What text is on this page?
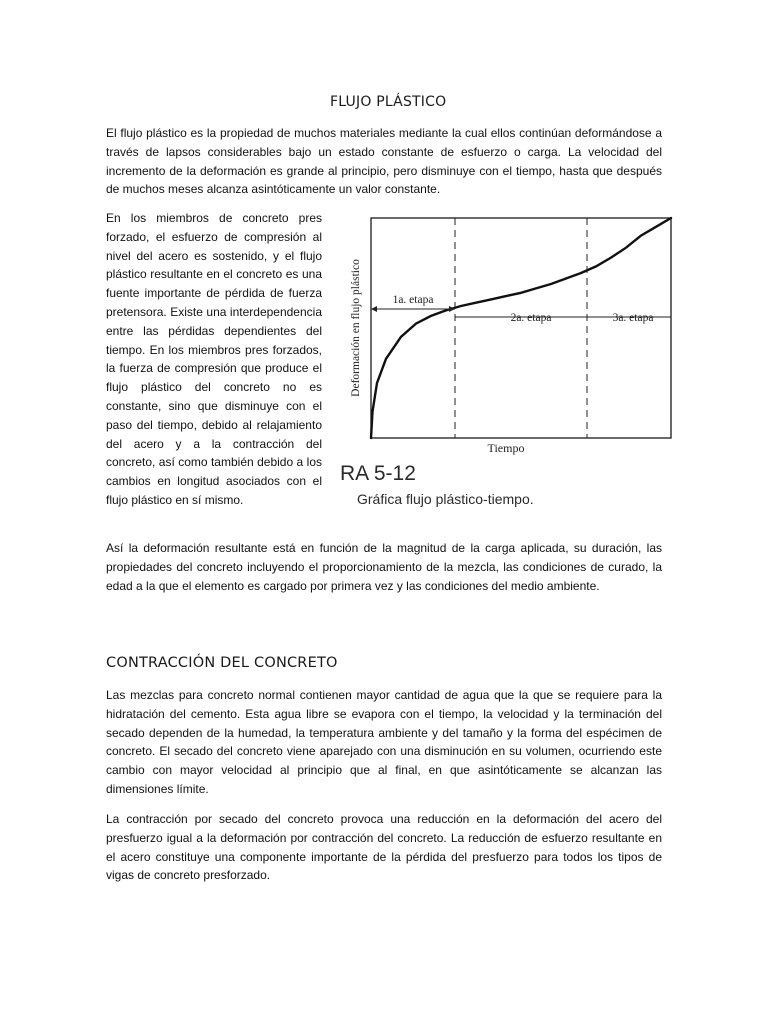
FLUJO PLÁSTICO

El flujo plástico es la propiedad de muchos materiales mediante la cual ellos continúan deformándose a través de lapsos considerables bajo un estado constante de esfuerzo o carga. La velocidad del incremento de la deformación es grande al principio, pero disminuye con el tiempo, hasta que después de muchos meses alcanza asintóticamente un valor constante.

En los miembros de concreto pres forzado, el esfuerzo de compresión al nivel del acero es sostenido, y el flujo plástico resultante en el concreto es una fuente importante de pérdida de fuerza pretensora. Existe una interdependencia entre las pérdidas dependientes del tiempo. En los miembros pres forzados, la fuerza de compresión que produce el flujo plástico del concreto no es constante, sino que disminuye con el paso del tiempo, debido al relajamiento del acero y a la contracción del concreto, así como también debido a los cambios en longitud asociados con el flujo plástico en sí mismo.

1a. etapa
2a. etapa	3a. etapa
Tiempo
Deformación en flujo plástico
RA 5-12
Gráfica flujo plástico-tiempo.

Así la deformación resultante está en función de la magnitud de la carga aplicada, su duración, las propiedades del concreto incluyendo el proporcionamiento de la mezcla, las condiciones de curado, la edad a la que el elemento es cargado por primera vez y las condiciones del medio ambiente.

CONTRACCIÓN DEL CONCRETO

Las mezclas para concreto normal contienen mayor cantidad de agua que la que se requiere para la hidratación del cemento. Esta agua libre se evapora con el tiempo, la velocidad y la terminación del secado dependen de la humedad, la temperatura ambiente y del tamaño y la forma del espécimen de concreto. El secado del concreto viene aparejado con una disminución en su volumen, ocurriendo este cambio con mayor velocidad al principio que al final, en que asintóticamente se alcanzan las dimensiones límite.

La contracción por secado del concreto provoca una reducción en la deformación del acero del presfuerzo igual a la deformación por contracción del concreto. La reducción de esfuerzo resultante en el acero constituye una componente importante de la pérdida del presfuerzo para todos los tipos de vigas de concreto presforzado.
